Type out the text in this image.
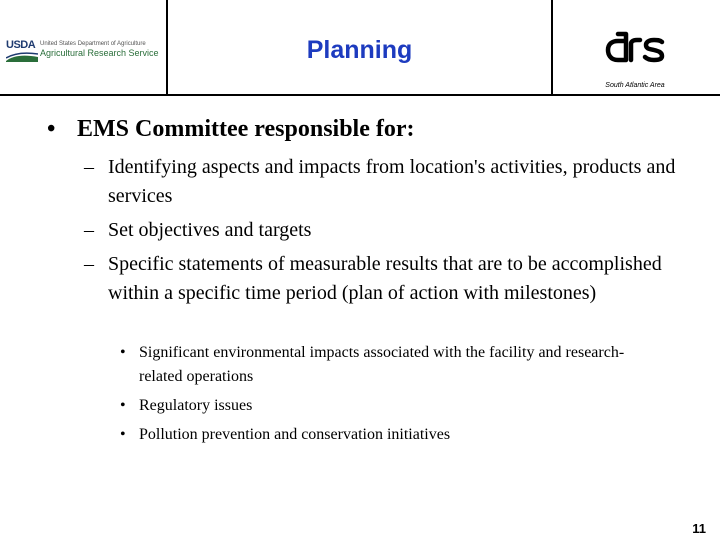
USDA United States Department of Agriculture
Agricultural Research Service	Planning
South Atlantic Area
• EMS Committee responsible for:
– Identifying aspects and impacts from location's activities, products and services
– Set objectives and targets
– Specific statements of measurable results that are to be accomplished within a specific time period (plan of action with milestones)
• Significant environmental impacts associated with the facility and research-related operations
• Regulatory issues
• Pollution prevention and conservation initiatives
11
